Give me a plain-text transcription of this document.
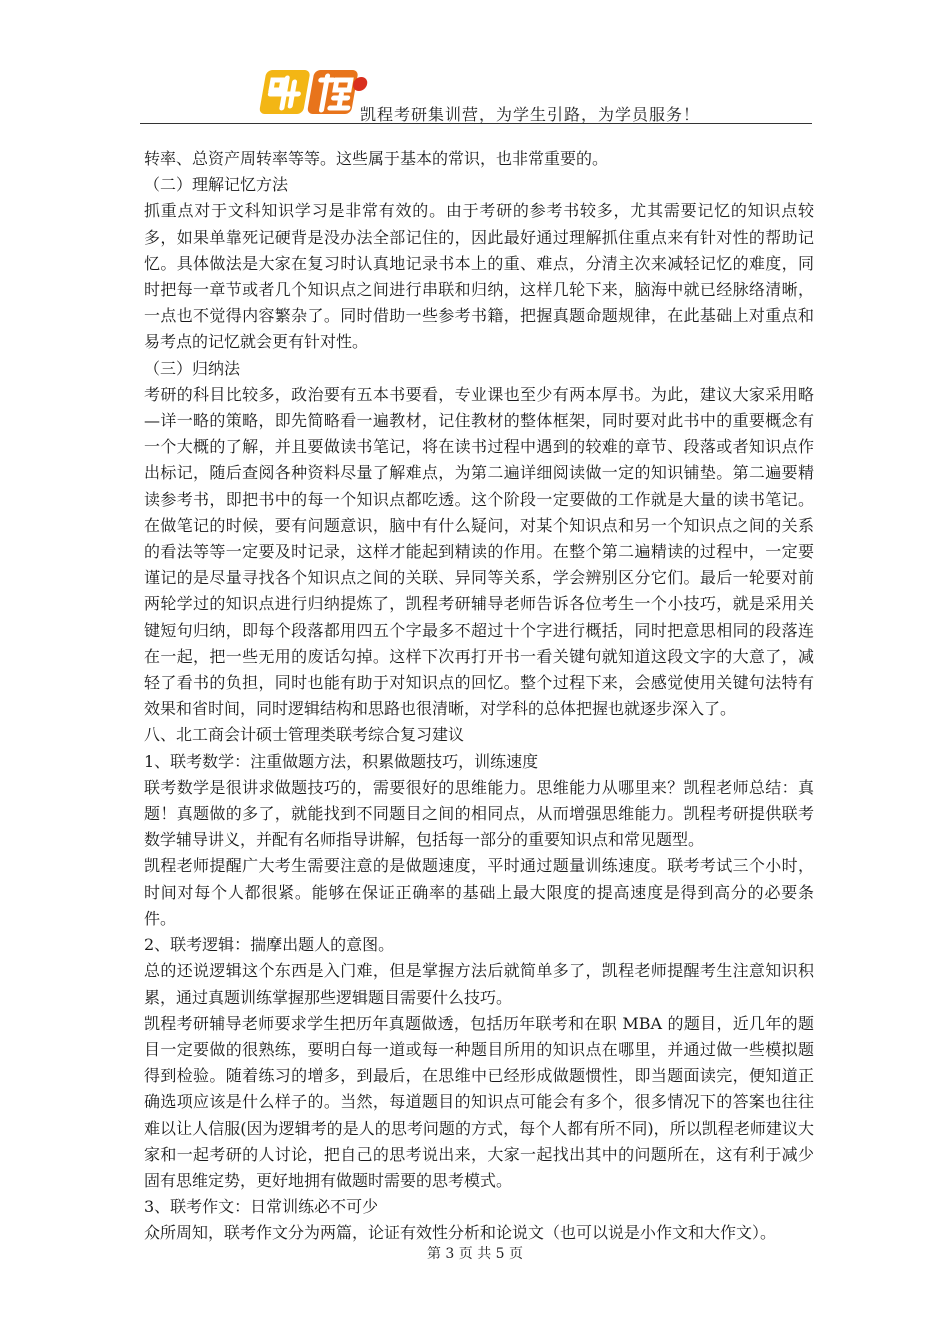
凯程考研集训营，为学生引路，为学员服务！

转率、总资产周转率等等。这些属于基本的常识，也非常重要的。

（二）理解记忆方法

抓重点对于文科知识学习是非常有效的。由于考研的参考书较多，尤其需要记忆的知识点较多，如果单靠死记硬背是没办法全部记住的，因此最好通过理解抓住重点来有针对性的帮助记忆。具体做法是大家在复习时认真地记录书本上的重、难点，分清主次来减轻记忆的难度，同时把每一章节或者几个知识点之间进行串联和归纳，这样几轮下来，脑海中就已经脉络清晰，一点也不觉得内容繁杂了。同时借助一些参考书籍，把握真题命题规律，在此基础上对重点和易考点的记忆就会更有针对性。

（三）归纳法

考研的科目比较多，政治要有五本书要看，专业课也至少有两本厚书。为此，建议大家采用略—详一略的策略，即先简略看一遍教材，记住教材的整体框架，同时要对此书中的重要概念有一个大概的了解，并且要做读书笔记，将在读书过程中遇到的较难的章节、段落或者知识点作出标记，随后查阅各种资料尽量了解难点，为第二遍详细阅读做一定的知识铺垫。第二遍要精读参考书，即把书中的每一个知识点都吃透。这个阶段一定要做的工作就是大量的读书笔记。在做笔记的时候，要有问题意识，脑中有什么疑问，对某个知识点和另一个知识点之间的关系的看法等等一定要及时记录，这样才能起到精读的作用。在整个第二遍精读的过程中，一定要谨记的是尽量寻找各个知识点之间的关联、异同等关系，学会辨别区分它们。最后一轮要对前两轮学过的知识点进行归纳提炼了，凯程考研辅导老师告诉各位考生一个小技巧，就是采用关键短句归纳，即每个段落都用四五个字最多不超过十个字进行概括，同时把意思相同的段落连在一起，把一些无用的废话勾掉。这样下次再打开书一看关键句就知道这段文字的大意了，减轻了看书的负担，同时也能有助于对知识点的回忆。整个过程下来，会感觉使用关键句法特有效果和省时间，同时逻辑结构和思路也很清晰，对学科的总体把握也就逐步深入了。

八、北工商会计硕士管理类联考综合复习建议

1、联考数学：注重做题方法，积累做题技巧，训练速度

联考数学是很讲求做题技巧的，需要很好的思维能力。思维能力从哪里来？凯程老师总结：真题！真题做的多了，就能找到不同题目之间的相同点，从而增强思维能力。凯程考研提供联考数学辅导讲义，并配有名师指导讲解，包括每一部分的重要知识点和常见题型。

凯程老师提醒广大考生需要注意的是做题速度，平时通过题量训练速度。联考考试三个小时，时间对每个人都很紧。能够在保证正确率的基础上最大限度的提高速度是得到高分的必要条件。

2、联考逻辑：揣摩出题人的意图。

总的还说逻辑这个东西是入门难，但是掌握方法后就简单多了，凯程老师提醒考生注意知识积累，通过真题训练掌握那些逻辑题目需要什么技巧。

凯程考研辅导老师要求学生把历年真题做透，包括历年联考和在职 MBA 的题目，近几年的题目一定要做的很熟练，要明白每一道或每一种题目所用的知识点在哪里，并通过做一些模拟题得到检验。随着练习的增多，到最后，在思维中已经形成做题惯性，即当题面读完，便知道正确选项应该是什么样子的。当然，每道题目的知识点可能会有多个，很多情况下的答案也往往难以让人信服(因为逻辑考的是人的思考问题的方式，每个人都有所不同)，所以凯程老师建议大家和一起考研的人讨论，把自己的思考说出来，大家一起找出其中的问题所在，这有利于减少固有思维定势，更好地拥有做题时需要的思考模式。

3、联考作文：日常训练必不可少

众所周知，联考作文分为两篇，论证有效性分析和论说文（也可以说是小作文和大作文）。

第 3 页 共 5 页
